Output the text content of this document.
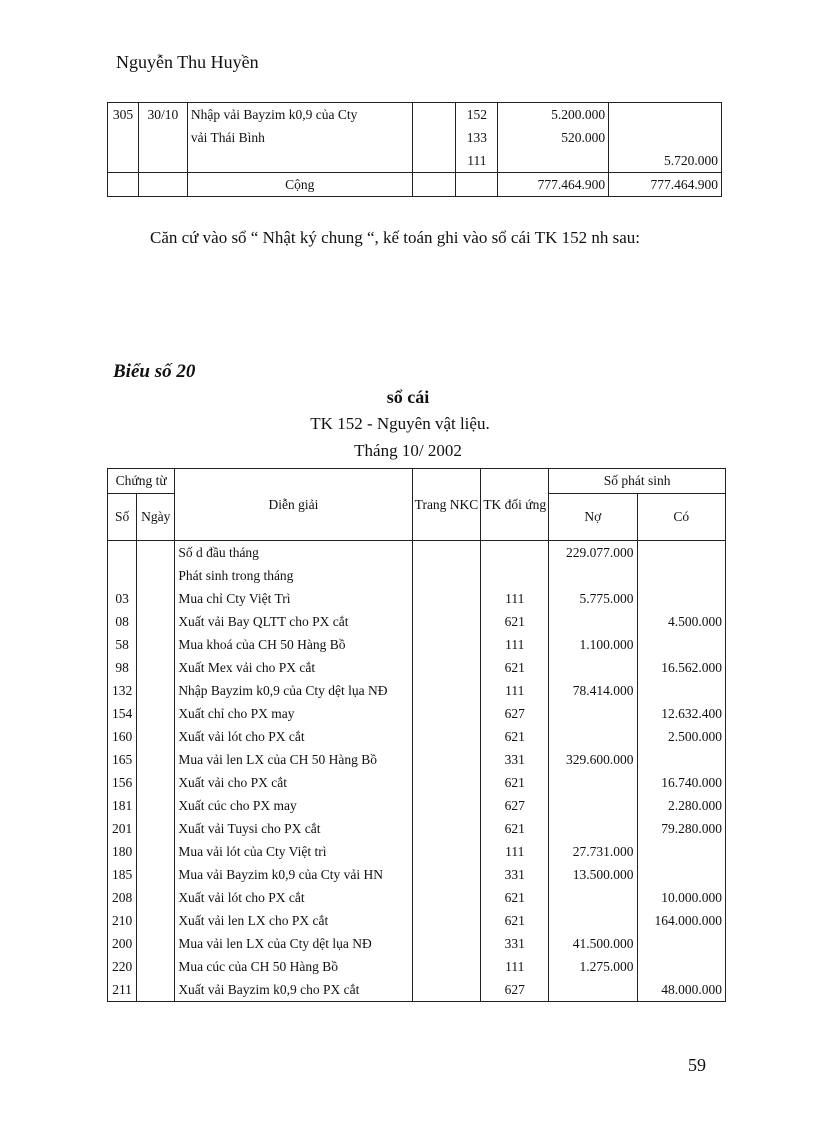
Nguyễn Thu Huyền
305	30/10	Nhập vải Bayzim k0,9 của Cty		152	5.200.000	
		vải Thái Bình		133	520.000	
				111		5.720.000
		Cộng			777.464.900	777.464.900
Căn cứ vào sổ “ Nhật ký chung “, kế toán ghi vào sổ cái TK 152 nh sau:
Biểu số 20
sổ cái
TK 152 - Nguyên vật liệu.
Tháng 10/ 2002
Chứng từ		Diễn giải	Trang NKC	TK đối ứng	Số phát sinh	
Số	Ngày				Nợ	Có
		Số d đầu tháng			229.077.000	
		Phát sinh trong tháng				
03		Mua chỉ Cty Việt Trì		111	5.775.000	
08		Xuất vải Bay QLTT cho PX cắt		621		4.500.000
58		Mua khoá của CH 50 Hàng Bồ		111	1.100.000	
98		Xuất Mex vải cho PX cắt		621		16.562.000
132		Nhập Bayzim k0,9 của Cty dệt lụa NĐ		111	78.414.000	
154		Xuất chỉ cho PX may		627		12.632.400
160		Xuất vải lót cho PX cắt		621		2.500.000
165		Mua vải len LX của CH 50 Hàng Bồ		331	329.600.000	
156		Xuất vải cho PX cắt		621		16.740.000
181		Xuất cúc cho PX may		627		2.280.000
201		Xuất vải Tuysi cho PX cắt		621		79.280.000
180		Mua vải lót của Cty Việt trì		111	27.731.000	
185		Mua vải Bayzim k0,9 của Cty vải HN		331	13.500.000	
208		Xuất vải lót cho PX cắt		621		10.000.000
210		Xuất vải len LX cho PX cắt		621		164.000.000
200		Mua vải len LX của Cty dệt lụa NĐ		331	41.500.000	
220		Mua cúc của CH 50 Hàng Bồ		111	1.275.000	
211		Xuất vải Bayzim k0,9 cho PX cắt		627		48.000.000
59
